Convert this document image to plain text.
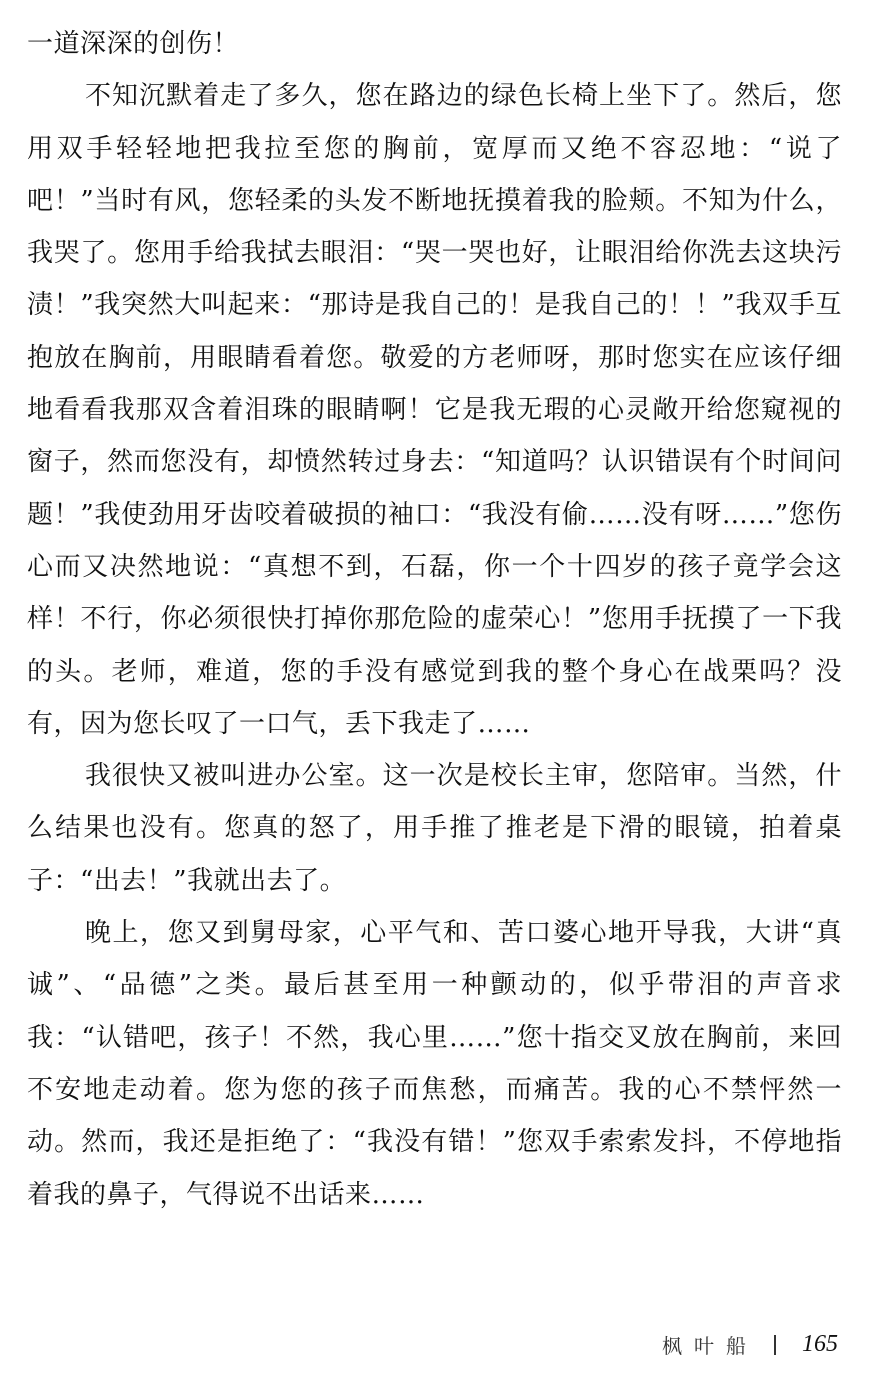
一道深深的创伤！

不知沉默着走了多久，您在路边的绿色长椅上坐下了。然后，您用双手轻轻地把我拉至您的胸前，宽厚而又绝不容忍地：“说了吧！”当时有风，您轻柔的头发不断地抚摸着我的脸颊。不知为什么，我哭了。您用手给我拭去眼泪：“哭一哭也好，让眼泪给你洗去这块污渍！”我突然大叫起来：“那诗是我自己的！是我自己的！！”我双手互抱放在胸前，用眼睛看着您。敬爱的方老师呀，那时您实在应该仔细地看看我那双含着泪珠的眼睛啊！它是我无瑕的心灵敞开给您窥视的窗子，然而您没有，却愤然转过身去：“知道吗？认识错误有个时间问题！”我使劲用牙齿咬着破损的袖口：“我没有偷……没有呀……”您伤心而又决然地说：“真想不到，石磊，你一个十四岁的孩子竟学会这样！不行，你必须很快打掉你那危险的虚荣心！”您用手抚摸了一下我的头。老师，难道，您的手没有感觉到我的整个身心在战栗吗？没有，因为您长叹了一口气，丢下我走了……

我很快又被叫进办公室。这一次是校长主审，您陪审。当然，什么结果也没有。您真的怒了，用手推了推老是下滑的眼镜，拍着桌子：“出去！”我就出去了。

晚上，您又到舅母家，心平气和、苦口婆心地开导我，大讲“真诚”、“品德”之类。最后甚至用一种颤动的，似乎带泪的声音求我：“认错吧，孩子！不然，我心里……”您十指交叉放在胸前，来回不安地走动着。您为您的孩子而焦愁，而痛苦。我的心不禁怦然一动。然而，我还是拒绝了：“我没有错！”您双手索索发抖，不停地指着我的鼻子，气得说不出话来……

枫叶船 165
